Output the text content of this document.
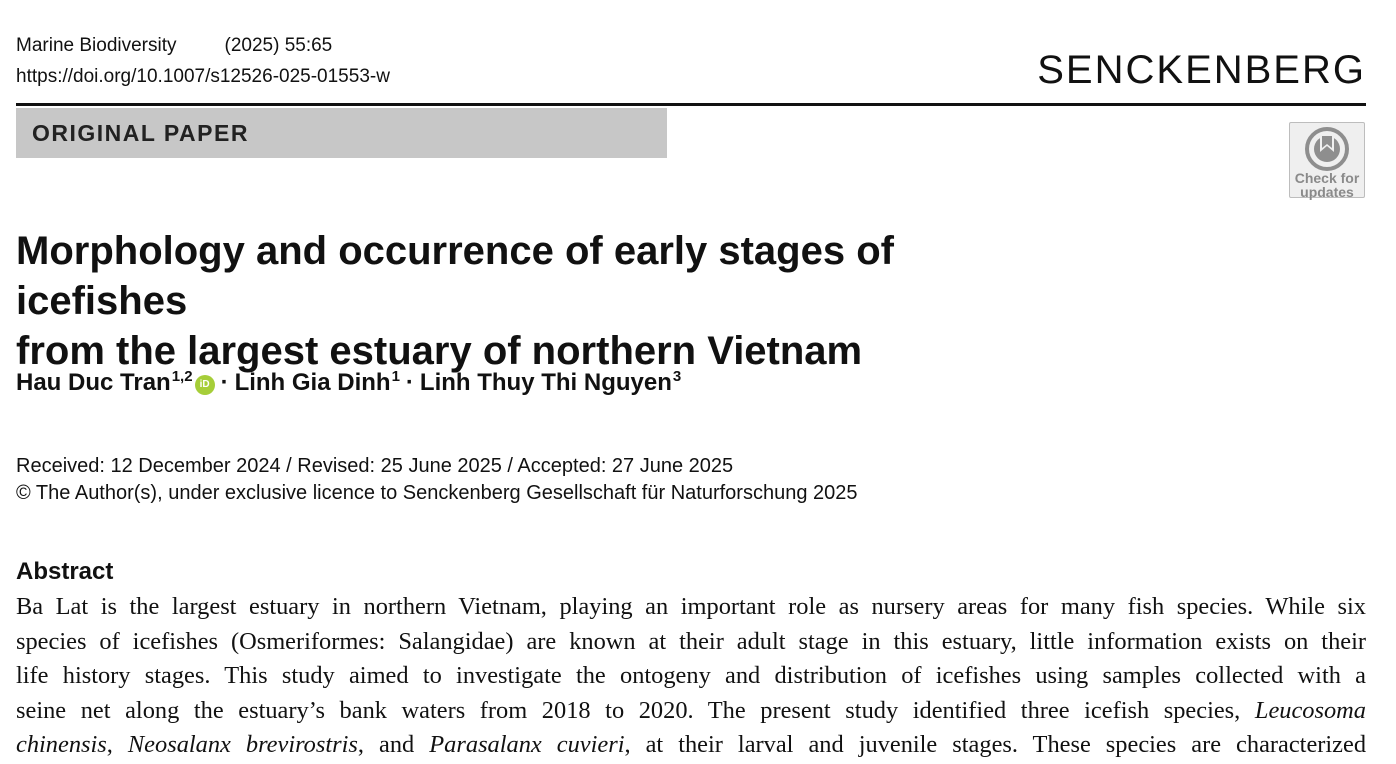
Marine Biodiversity	(2025) 55:65
https://doi.org/10.1007/s12526-025-01553-w	SENCKENBERG
ORIGINAL PAPER
Check for
updates
Morphology and occurrence of early stages of icefishes
from the largest estuary of northern Vietnam
Hau Duc Tran$^{1,2}$ iD · Linh Gia Dinh$^1$ · Linh Thuy Thi Nguyen$^3$
Received: 12 December 2024 / Revised: 25 June 2025 / Accepted: 27 June 2025
© The Author(s), under exclusive licence to Senckenberg Gesellschaft für Naturforschung 2025
Abstract
Ba Lat is the largest estuary in northern Vietnam, playing an important role as nursery areas for many fish species. While six
species of icefishes (Osmeriformes: Salangidae) are known at their adult stage in this estuary, little information exists on their
life history stages. This study aimed to investigate the ontogeny and distribution of icefishes using samples collected with a
seine net along the estuary’s bank waters from 2018 to 2020. The present study identified three icefish species, Leucosoma
chinensis, Neosalanx brevirostris, and Parasalanx cuvieri, at their larval and juvenile stages. These species are characterized
